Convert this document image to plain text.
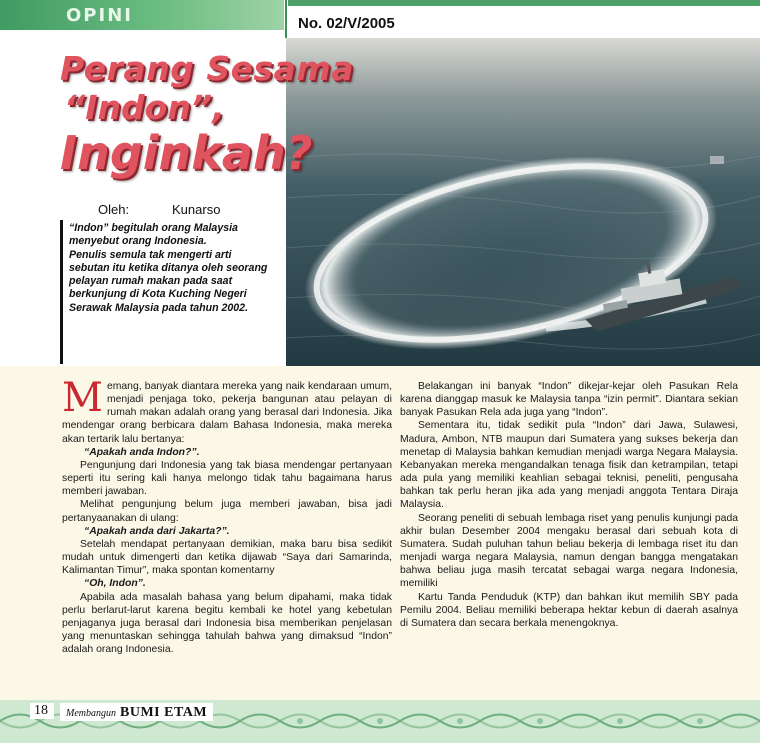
OPINI	No. 02/V/2005
Perang Sesama
“Indon”,
Inginkah?
Oleh:	Kunarso

“Indon” begitulah orang Malaysia menyebut orang Indonesia.

Penulis semula tak mengerti arti sebutan itu ketika ditanya oleh seorang pelayan rumah makan pada saat berkunjung di Kota Kuching Negeri Serawak Malaysia pada tahun 2002.

Memang, banyak diantara mereka yang naik kendaraan umum, menjadi penjaga toko, pekerja bangunan atau pelayan di rumah makan adalah orang yang berasal dari Indonesia. Jika mendengar orang berbicara dalam Bahasa Indonesia, maka mereka akan tertarik lalu bertanya:

“Apakah anda Indon?”.

Pengunjung dari Indonesia yang tak biasa mendengar pertanyaan seperti itu sering kali hanya melongo tidak tahu bagaimana harus memberi jawaban.

Melihat pengunjung belum juga memberi jawaban, bisa jadi pertanyaanakan di ulang:

“Apakah anda dari Jakarta?”.

Setelah mendapat pertanyaan demikian, maka baru bisa sedikit mudah untuk dimengerti dan ketika dijawab “Saya dari Samarinda, Kalimantan Timur”, maka spontan komentarny

“Oh, Indon”.

Apabila ada masalah bahasa yang belum dipahami, maka tidak perlu berlarut-larut karena begitu kembali ke hotel yang kebetulan penjaganya juga berasal dari Indonesia bisa memberikan penjelasan yang menuntaskan sehingga tahulah bahwa yang dimaksud “Indon” adalah orang Indonesia.

Belakangan ini banyak “Indon” dikejar-kejar oleh Pasukan Rela karena dianggap masuk ke Malaysia tanpa “izin permit”. Diantara sekian banyak Pasukan Rela ada juga yang “Indon”.

Sementara itu, tidak sedikit pula “Indon” dari Jawa, Sulawesi, Madura, Ambon, NTB maupun dari Sumatera yang sukses bekerja dan menetap di Malaysia bahkan kemudian menjadi warga Negara Malaysia. Kebanyakan mereka mengandalkan tenaga fisik dan ketrampilan, tetapi ada pula yang memiliki keahlian sebagai teknisi, peneliti, pengusaha bahkan tak perlu heran jika ada yang menjadi anggota Tentara Diraja Malaysia.

Seorang peneliti di sebuah lembaga riset yang penulis kunjungi pada akhir bulan Desember 2004 mengaku berasal dari sebuah kota di Sumatera. Sudah puluhan tahun beliau bekerja di lembaga riset itu dan menjadi warga negara Malaysia, namun dengan bangga mengatakan bahwa beliau juga masih tercatat sebagai warga negara Indonesia, memiliki

Kartu Tanda Penduduk (KTP) dan bahkan ikut memilih SBY pada Pemilu 2004. Beliau memiliki beberapa hektar kebun di daerah asalnya di Sumatera dan secara berkala menengoknya.

18	Membangun BUMI ETAM
